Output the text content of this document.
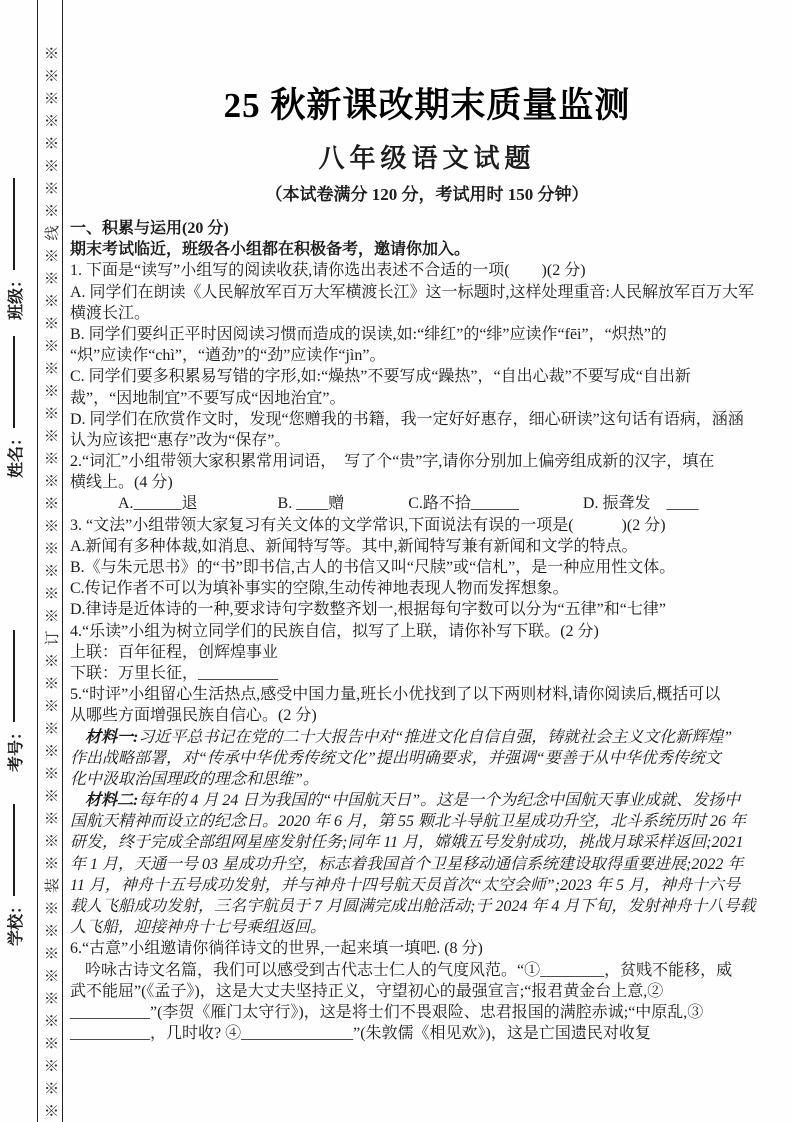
※※※※※※※※※※装※※※※※※※※※※订※※※※※※※※※※※※※※※※※线※※※※※※※※
班级：
姓名：
考号：
学校：
25 秋新课改期末质量监测
八年级语文试题
（本试卷满分 120 分，考试用时 150 分钟）
一、积累与运用(20 分)
期末考试临近，班级各小组都在积极备考，邀请你加入。
1. 下面是“读写”小组写的阅读收获,请你选出表述不合适的一项(　　)(2 分)
A. 同学们在朗读《人民解放军百万大军横渡长江》这一标题时,这样处理重音:人民解放军百万大军
横渡长江。
B. 同学们要纠正平时因阅读习惯而造成的误读,如:“绯红”的“绯”应读作“fēi”，“炽热”的
“炽”应读作“chì”，“遒劲”的“劲”应读作“jìn”。
C. 同学们要多积累易写错的字形,如:“燥热”不要写成“躁热”，“自出心裁”不要写成“自出新
裁”，“因地制宜”不要写成“因地治宜”。
D. 同学们在欣赏作文时，发现“您赠我的书籍，我一定好好惠存，细心研读”这句话有语病，涵涵
认为应该把“惠存”改为“保存”。
2.“词汇”小组带领大家积累常用词语，　写了个“贵”字,请你分别加上偏旁组成新的汉字，填在
横线上。(4 分)
A.______退　　　　　B. ____赠　　　　C.路不拾______　　　　D. 振聋发　____
3. “文法”小组带领大家复习有关文体的文学常识,下面说法有误的一项是(　　　)(2 分)
A.新闻有多种体裁,如消息、新闻特写等。其中,新闻特写兼有新闻和文学的特点。
B.《与朱元思书》的“书”即书信,古人的书信又叫“尺牍”或“信札”，是一种应用性文体。
C.传记作者不可以为填补事实的空隙,生动传神地表现人物而发挥想象。
D.律诗是近体诗的一种,要求诗句字数整齐划一,根据每句字数可以分为“五律”和“七律”
4.“乐读”小组为树立同学们的民族自信，拟写了上联，请你补写下联。(2 分)
上联：百年征程，创辉煌事业
下联：万里长征，__________
5.“时评”小组留心生活热点,感受中国力量,班长小优找到了以下两则材料,请你阅读后,概括可以
从哪些方面增强民族自信心。(2 分)
材料一:习近平总书记在党的二十大报告中对“推进文化自信自强，铸就社会主义文化新辉煌”
作出战略部署，对“传承中华优秀传统文化”提出明确要求，并强调“要善于从中华优秀传统文
化中汲取治国理政的理念和思维”。
材料二:每年的 4 月 24 日为我国的“中国航天日”。这是一个为纪念中国航天事业成就、发扬中
国航天精神而设立的纪念日。2020 年 6 月，第 55 颗北斗导航卫星成功升空，北斗系统历时 26 年
研发，终于完成全部组网星座发射任务;同年 11 月，嫦娥五号发射成功，挑战月球采样返回;2021
年 1 月，天通一号 03 星成功升空，标志着我国首个卫星移动通信系统建设取得重要进展;2022 年
11 月，神舟十五号成功发射，并与神舟十四号航天员首次“太空会师”;2023 年 5 月，神舟十六号
载人飞船成功发射，三名宇航员于 7 月圆满完成出舱活动;于 2024 年 4 月下旬，发射神舟十八号载
人飞船，迎接神舟十七号乘组返回。
6.“古意”小组邀请你徜徉诗文的世界,一起来填一填吧. (8 分)
吟咏古诗文名篇，我们可以感受到古代志士仁人的气度风范。“①________，贫贱不能移，威
武不能屈”(《孟子》)，这是大丈夫坚持正义，守望初心的最强宣言;“报君黄金台上意,②
__________”(李贺《雁门太守行》)，这是将士们不畏艰险、忠君报国的满腔赤诚;“中原乱,③
__________，几时收? ④______________”(朱敦儒《相见欢》)，这是亡国遗民对收复
